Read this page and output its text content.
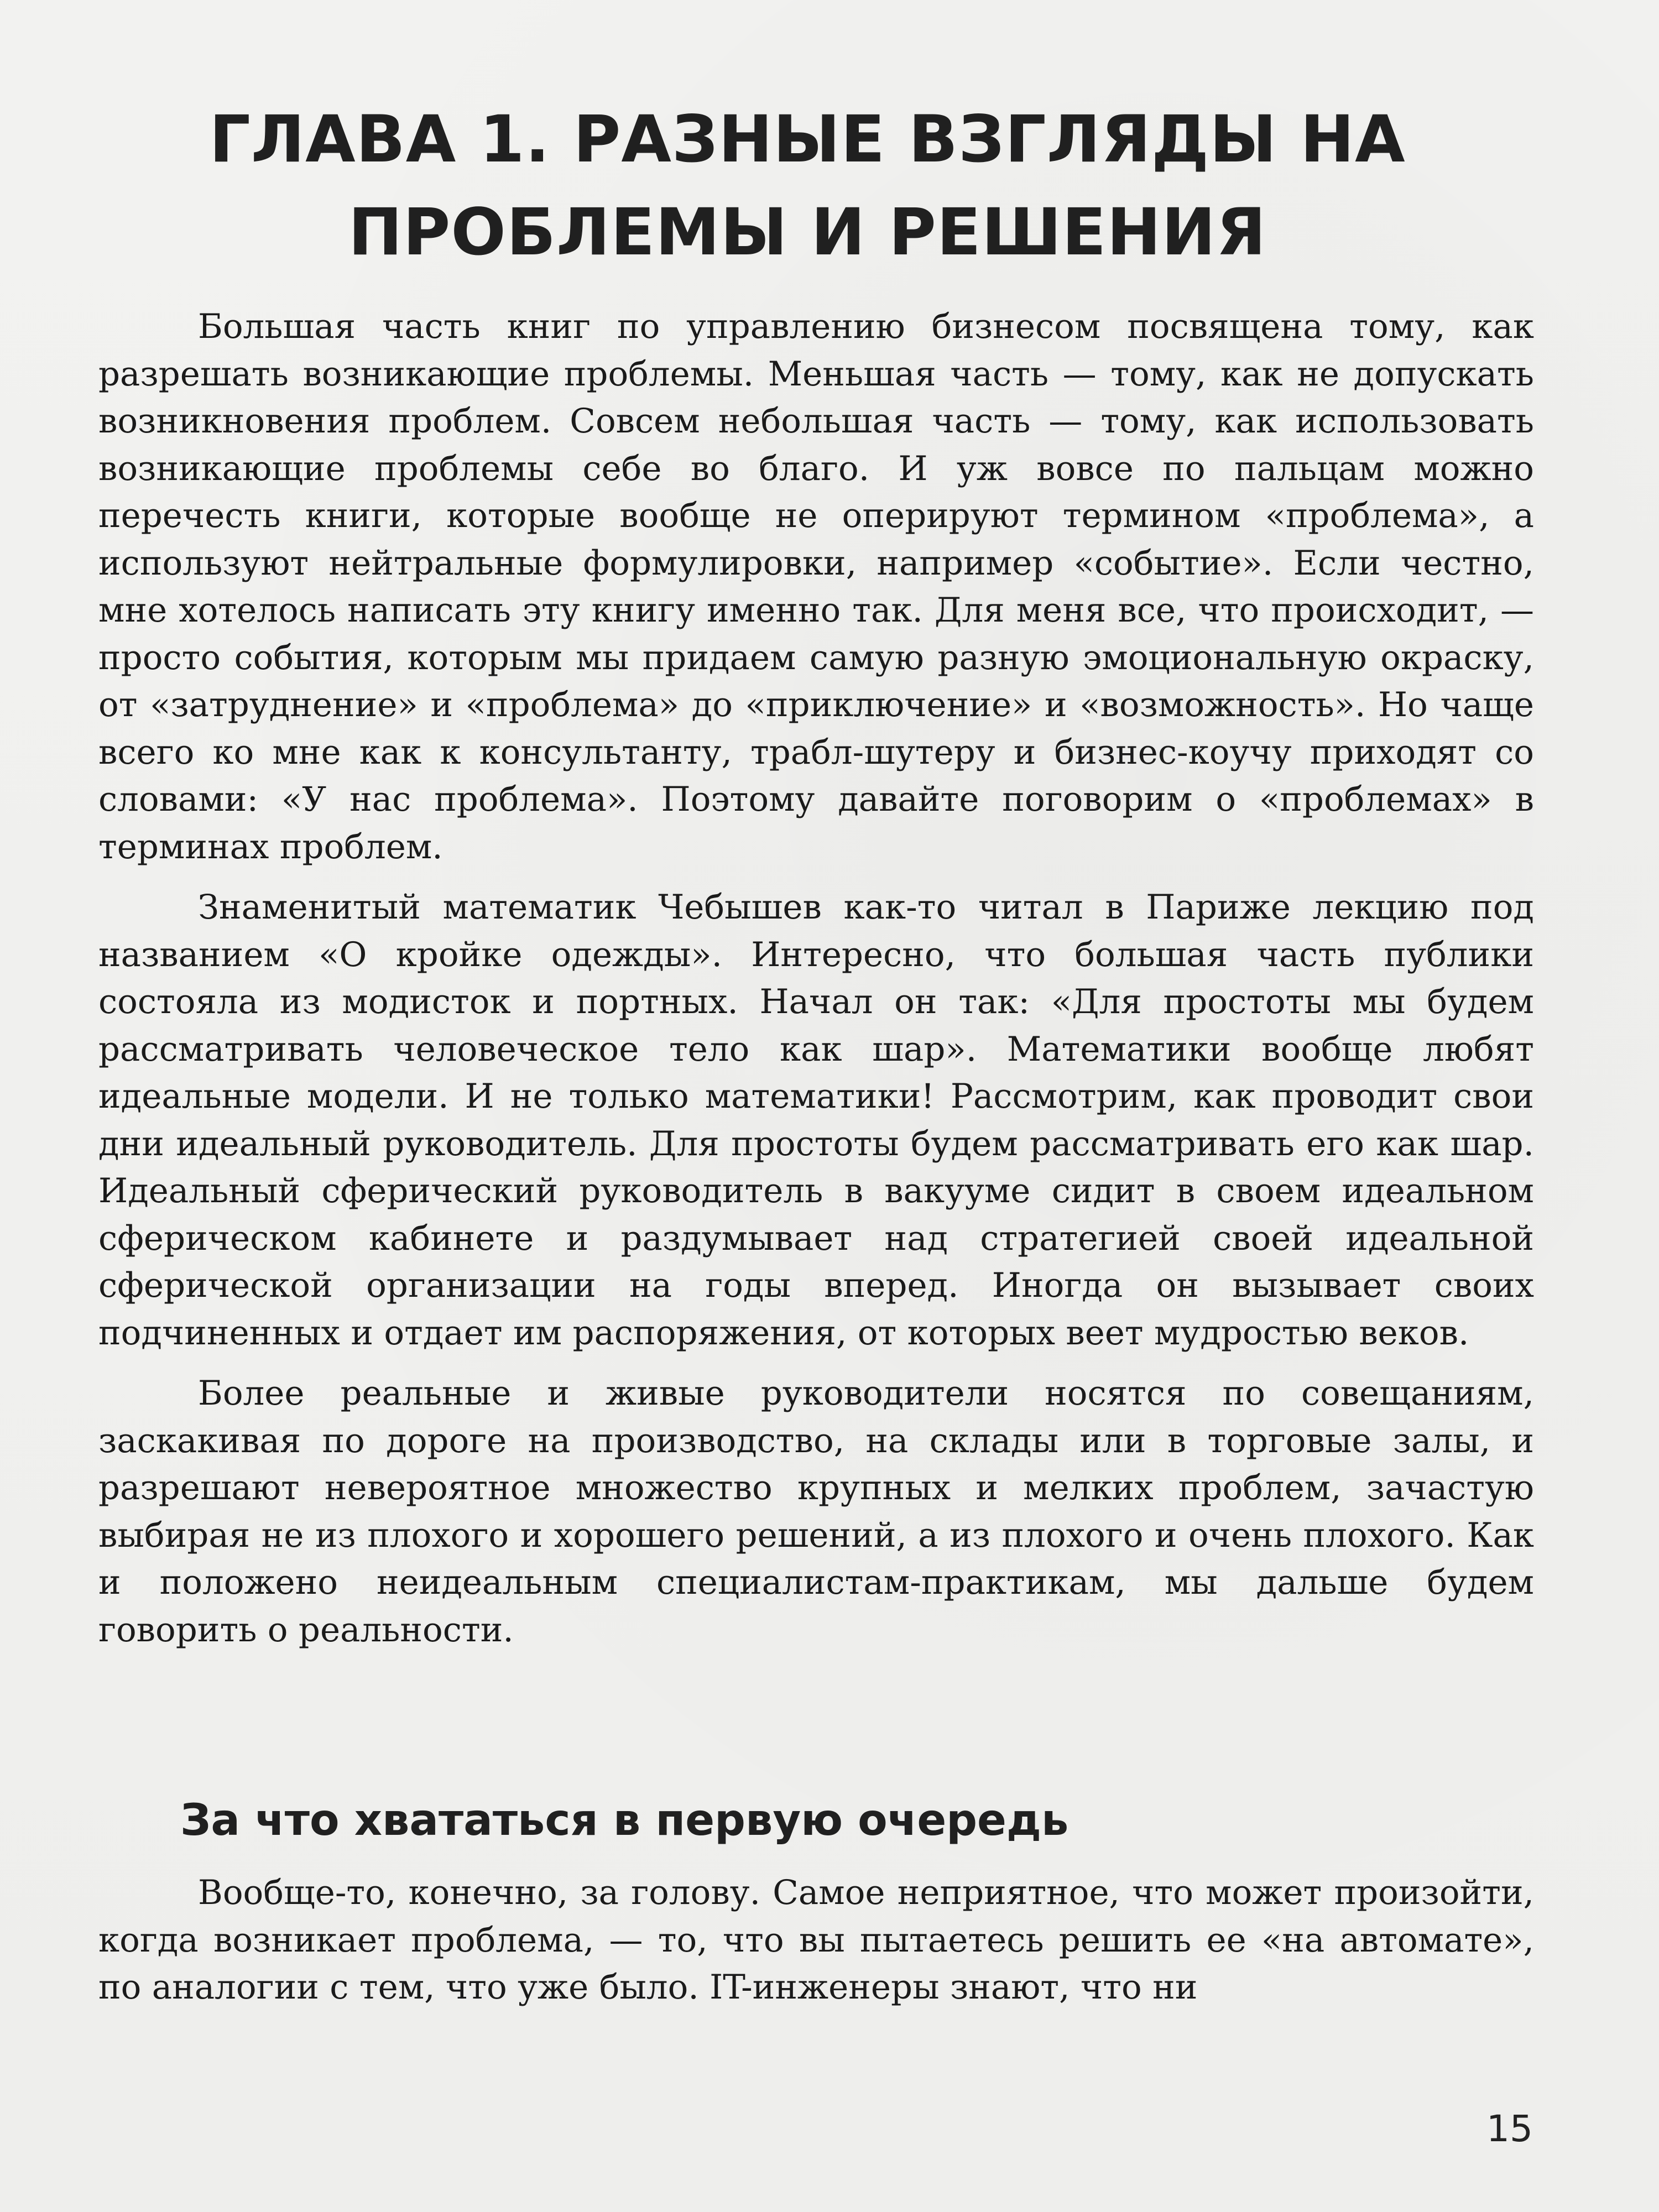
ГЛАВА 1. РАЗНЫЕ ВЗГЛЯДЫ НА
ПРОБЛЕМЫ И РЕШЕНИЯ

Большая часть книг по управлению бизнесом посвящена тому, как разрешать возникающие проблемы. Меньшая часть — тому, как не допускать возникновения проблем. Совсем небольшая часть — тому, как использовать возникающие проблемы себе во благо. И уж вовсе по пальцам можно перечесть книги, которые вообще не оперируют термином «проблема», а используют нейтральные формулировки, например «событие». Если честно, мне хотелось написать эту книгу именно так. Для меня все, что происходит, — просто события, которым мы придаем самую разную эмоциональную окраску, от «затруднение» и «проблема» до «приключение» и «возможность». Но чаще всего ко мне как к консультанту, трабл-шутеру и бизнес-коучу приходят со словами: «У нас проблема». Поэтому давайте поговорим о «проблемах» в терминах проблем.

Знаменитый математик Чебышев как-то читал в Париже лекцию под названием «О кройке одежды». Интересно, что большая часть публики состояла из модисток и портных. Начал он так: «Для простоты мы будем рассматривать человеческое тело как шар». Математики вообще любят идеальные модели. И не только математики! Рассмотрим, как проводит свои дни идеальный руководитель. Для простоты будем рассматривать его как шар. Идеальный сферический руководитель в вакууме сидит в своем идеальном сферическом кабинете и раздумывает над стратегией своей идеальной сферической организации на годы вперед. Иногда он вызывает своих подчиненных и отдает им распоряжения, от которых веет мудростью веков.

Более реальные и живые руководители носятся по совещаниям, заскакивая по дороге на производство, на склады или в торговые залы, и разрешают невероятное множество крупных и мелких проблем, зачастую выбирая не из плохого и хорошего решений, а из плохого и очень плохого. Как и положено неидеальным специалистам-практикам, мы дальше будем говорить о реальности.

За что хвататься в первую очередь

Вообще-то, конечно, за голову. Самое неприятное, что может произойти, когда возникает проблема, — то, что вы пытаетесь решить ее «на автомате», по аналогии с тем, что уже было. IT-инженеры знают, что ни

15
